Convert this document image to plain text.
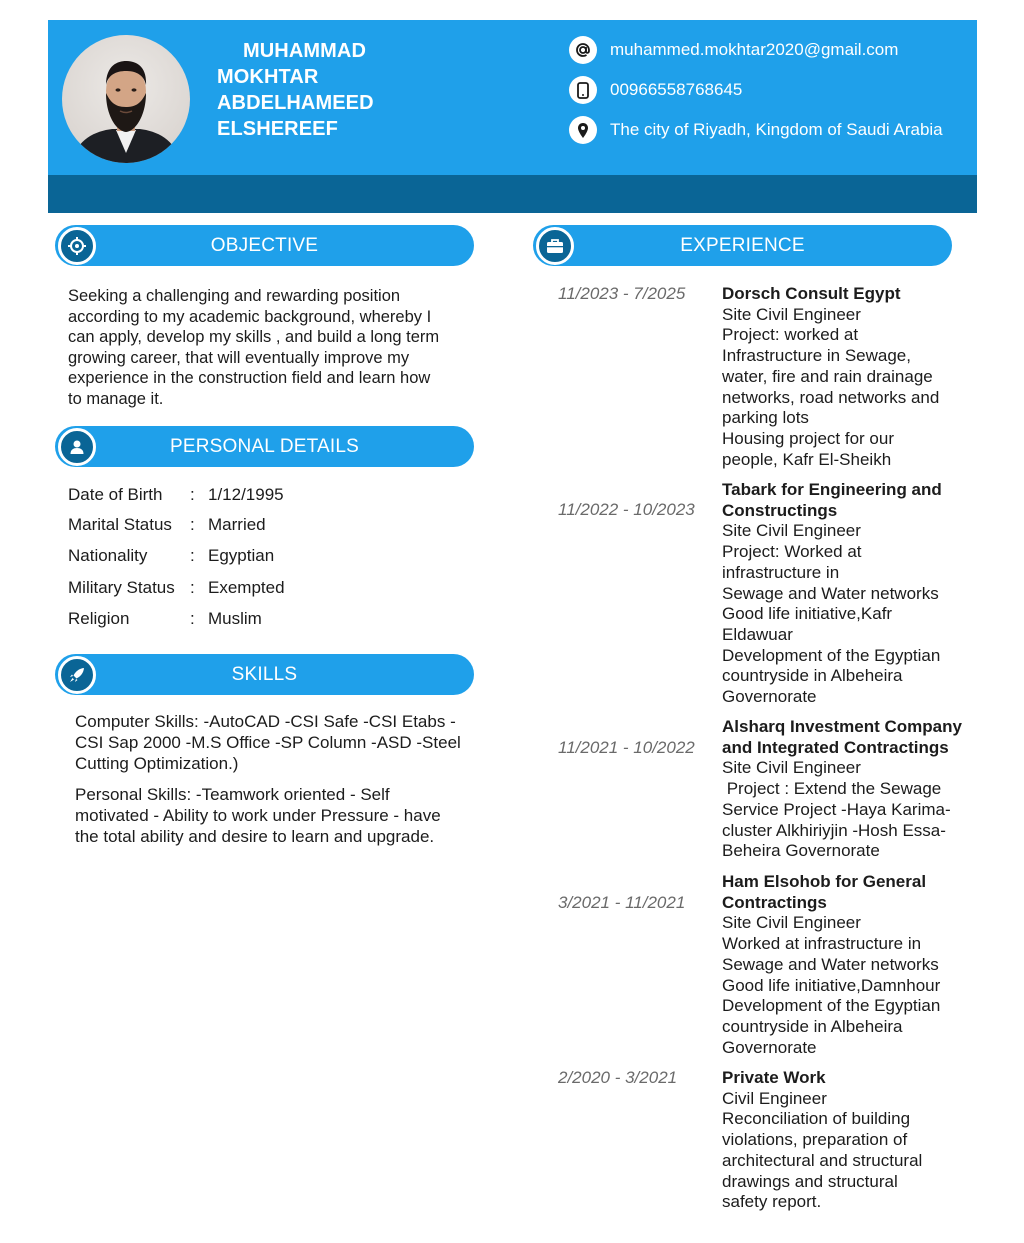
MUHAMMAD
MOKHTAR
ABDELHAMEED
ELSHEREEF
muhammed.mokhtar2020@gmail.com
00966558768645
The city of Riyadh, Kingdom of Saudi Arabia
OBJECTIVE
Seeking a challenging and rewarding position
according to my academic background, whereby I
can apply, develop my skills , and build a long term
growing career, that will eventually improve my
experience in the construction field and learn how
to manage it.
PERSONAL DETAILS
Date of Birth	: 1/12/1995
Marital Status	: Married
Nationality	: Egyptian
Military Status : Exempted
Religion	: Muslim
SKILLS
Computer Skills: -AutoCAD -CSI Safe -CSI Etabs -
CSI Sap 2000 -M.S Office -SP Column -ASD -Steel
Cutting Optimization.)
Personal Skills: -Teamwork oriented - Self
motivated - Ability to work under Pressure - have
the total ability and desire to learn and upgrade.
EXPERIENCE
11/2023 - 7/2025 Dorsch Consult Egypt
Site Civil Engineer
Project: worked at
Infrastructure in Sewage,
water, fire and rain drainage
networks, road networks and
parking lots
Housing project for our
people, Kafr El-Sheikh
11/2022 - 10/2023
Tabark for Engineering and
Constructings
Site Civil Engineer
Project: Worked at
infrastructure in
Sewage and Water networks
Good life initiative,Kafr
Eldawuar
Development of the Egyptian
countryside in Albeheira
Governorate
11/2021 - 10/2022
Alsharq Investment Company
and Integrated Contractings
Site Civil Engineer
Project : Extend the Sewage
Service Project -Haya Karima-
cluster Alkhiriyjin -Hosh Essa-
Beheira Governorate
3/2021 - 11/2021
Ham Elsohob for General
Contractings
Site Civil Engineer
Worked at infrastructure in
Sewage and Water networks
Good life initiative,Damnhour
Development of the Egyptian
countryside in Albeheira
Governorate
2/2020 - 3/2021	Private Work
Civil Engineer
Reconciliation of building
violations, preparation of
architectural and structural
drawings and structural
safety report.
